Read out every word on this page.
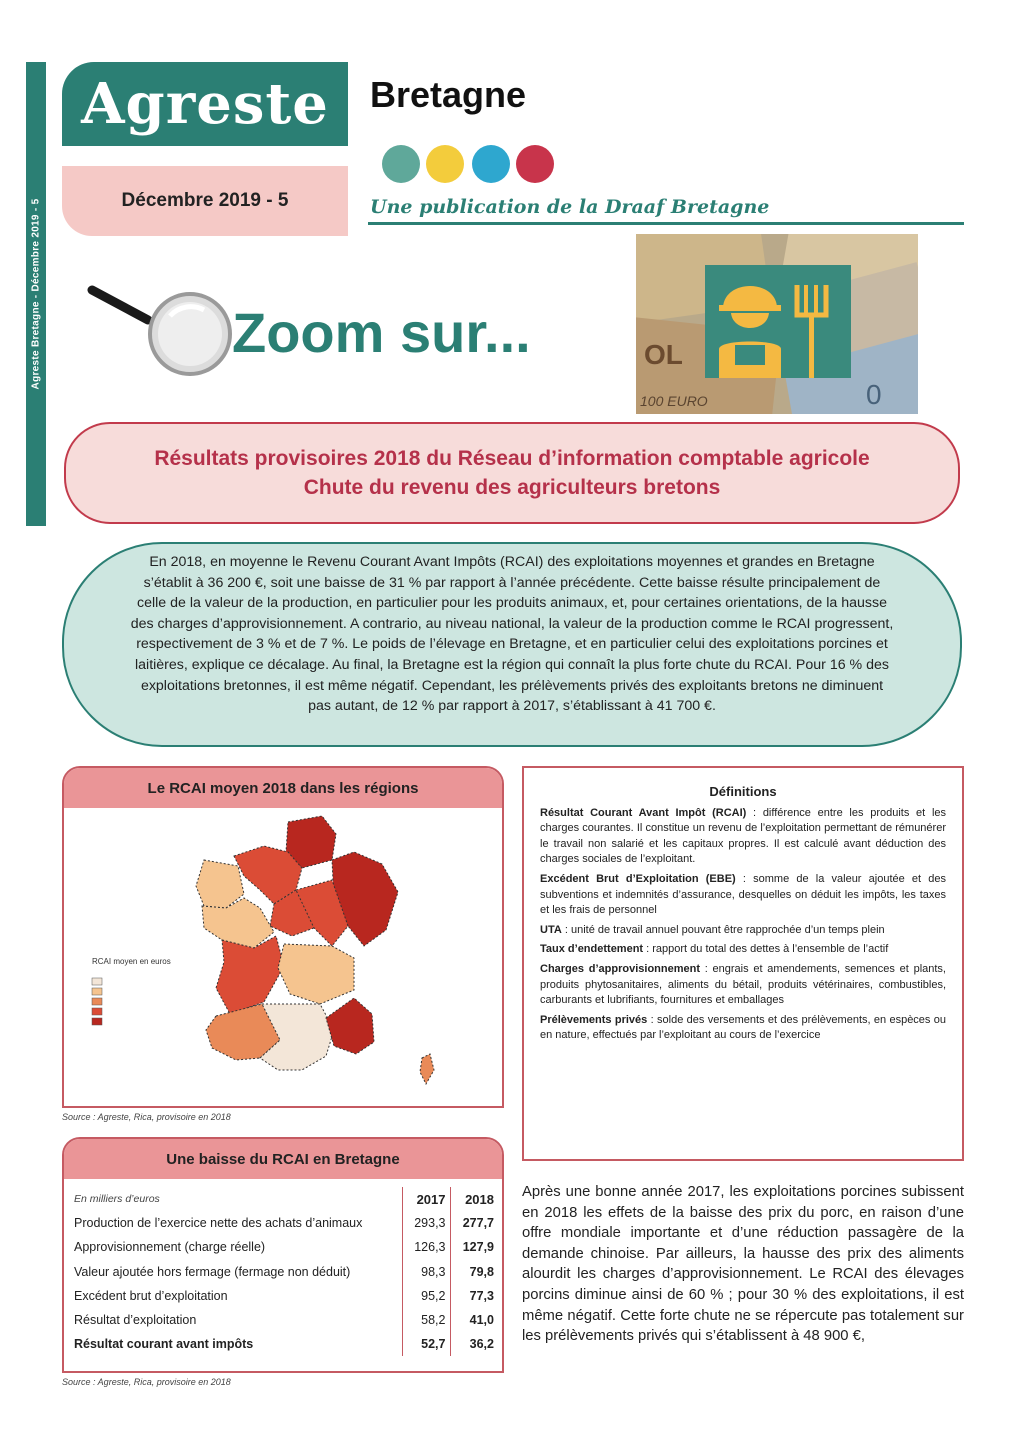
Agreste Bretagne - Décembre 2019 - 5
Agreste
Décembre 2019 - 5
Bretagne
Une publication de la Draaf Bretagne
Zoom sur...	OL
100 EURO	0
Résultats provisoires 2018 du Réseau d’information comptable agricole
Chute du revenu des agriculteurs bretons
En 2018, en moyenne le Revenu Courant Avant Impôts (RCAI) des exploitations moyennes et grandes en Bretagne s’établit à 36 200 €, soit une baisse de 31 % par rapport à l’année précédente. Cette baisse résulte principalement de celle de la valeur de la production, en particulier pour les produits animaux, et, pour certaines orientations, de la hausse des charges d’approvisionnement. A contrario, au niveau national, la valeur de la production comme le RCAI progressent, respectivement de 3 % et de 7 %. Le poids de l’élevage en Bretagne, et en particulier celui des exploitations porcines et laitières, explique ce décalage. Au final, la Bretagne est la région qui connaît la plus forte chute du RCAI. Pour 16 % des exploitations bretonnes, il est même négatif. Cependant, les prélèvements privés des exploitants bretons ne diminuent pas autant, de 12 % par rapport à 2017, s’établissant à 41 700 €.
Le RCAI moyen 2018 dans les régions
RCAI moyen en euros
Source : Agreste, Rica, provisoire en 2018
Définitions
Résultat Courant Avant Impôt (RCAI) : différence entre les produits et les charges courantes. Il constitue un revenu de l’exploitation permettant de rémunérer le travail non salarié et les capitaux propres. Il est calculé avant déduction des charges sociales de l’exploitant.
Excédent Brut d’Exploitation (EBE) : somme de la valeur ajoutée et des subventions et indemnités d’assurance, desquelles on déduit les impôts, les taxes et les frais de personnel
UTA : unité de travail annuel pouvant être rapprochée d’un temps plein
Taux d’endettement : rapport du total des dettes à l’ensemble de l’actif
Charges d’approvisionnement : engrais et amendements, semences et plants, produits phytosanitaires, aliments du bétail, produits vétérinaires, combustibles, carburants et lubrifiants, fournitures et emballages
Prélèvements privés : solde des versements et des prélèvements, en espèces ou en nature, effectués par l’exploitant au cours de l’exercice
Une baisse du RCAI en Bretagne
En milliers d’euros	2017	2018
Production de l’exercice nette des achats d’animaux	293,3	277,7
Approvisionnement (charge réelle)	126,3	127,9
Valeur ajoutée hors fermage (fermage non déduit)	98,3	79,8
Excédent brut d’exploitation	95,2	77,3
Résultat d’exploitation	58,2	41,0
Résultat courant avant impôts	52,7	36,2
Source : Agreste, Rica, provisoire en 2018
Après une bonne année 2017, les exploitations porcines subissent en 2018 les effets de la baisse des prix du porc, en raison d’une offre mondiale importante et d’une réduction passagère de la demande chinoise. Par ailleurs, la hausse des prix des aliments alourdit les charges d’approvisionnement. Le RCAI des élevages porcins diminue ainsi de 60 % ; pour 30 % des exploitations, il est même négatif. Cette forte chute ne se répercute pas totalement sur les prélèvements privés qui s’établissent à 48 900 €,
